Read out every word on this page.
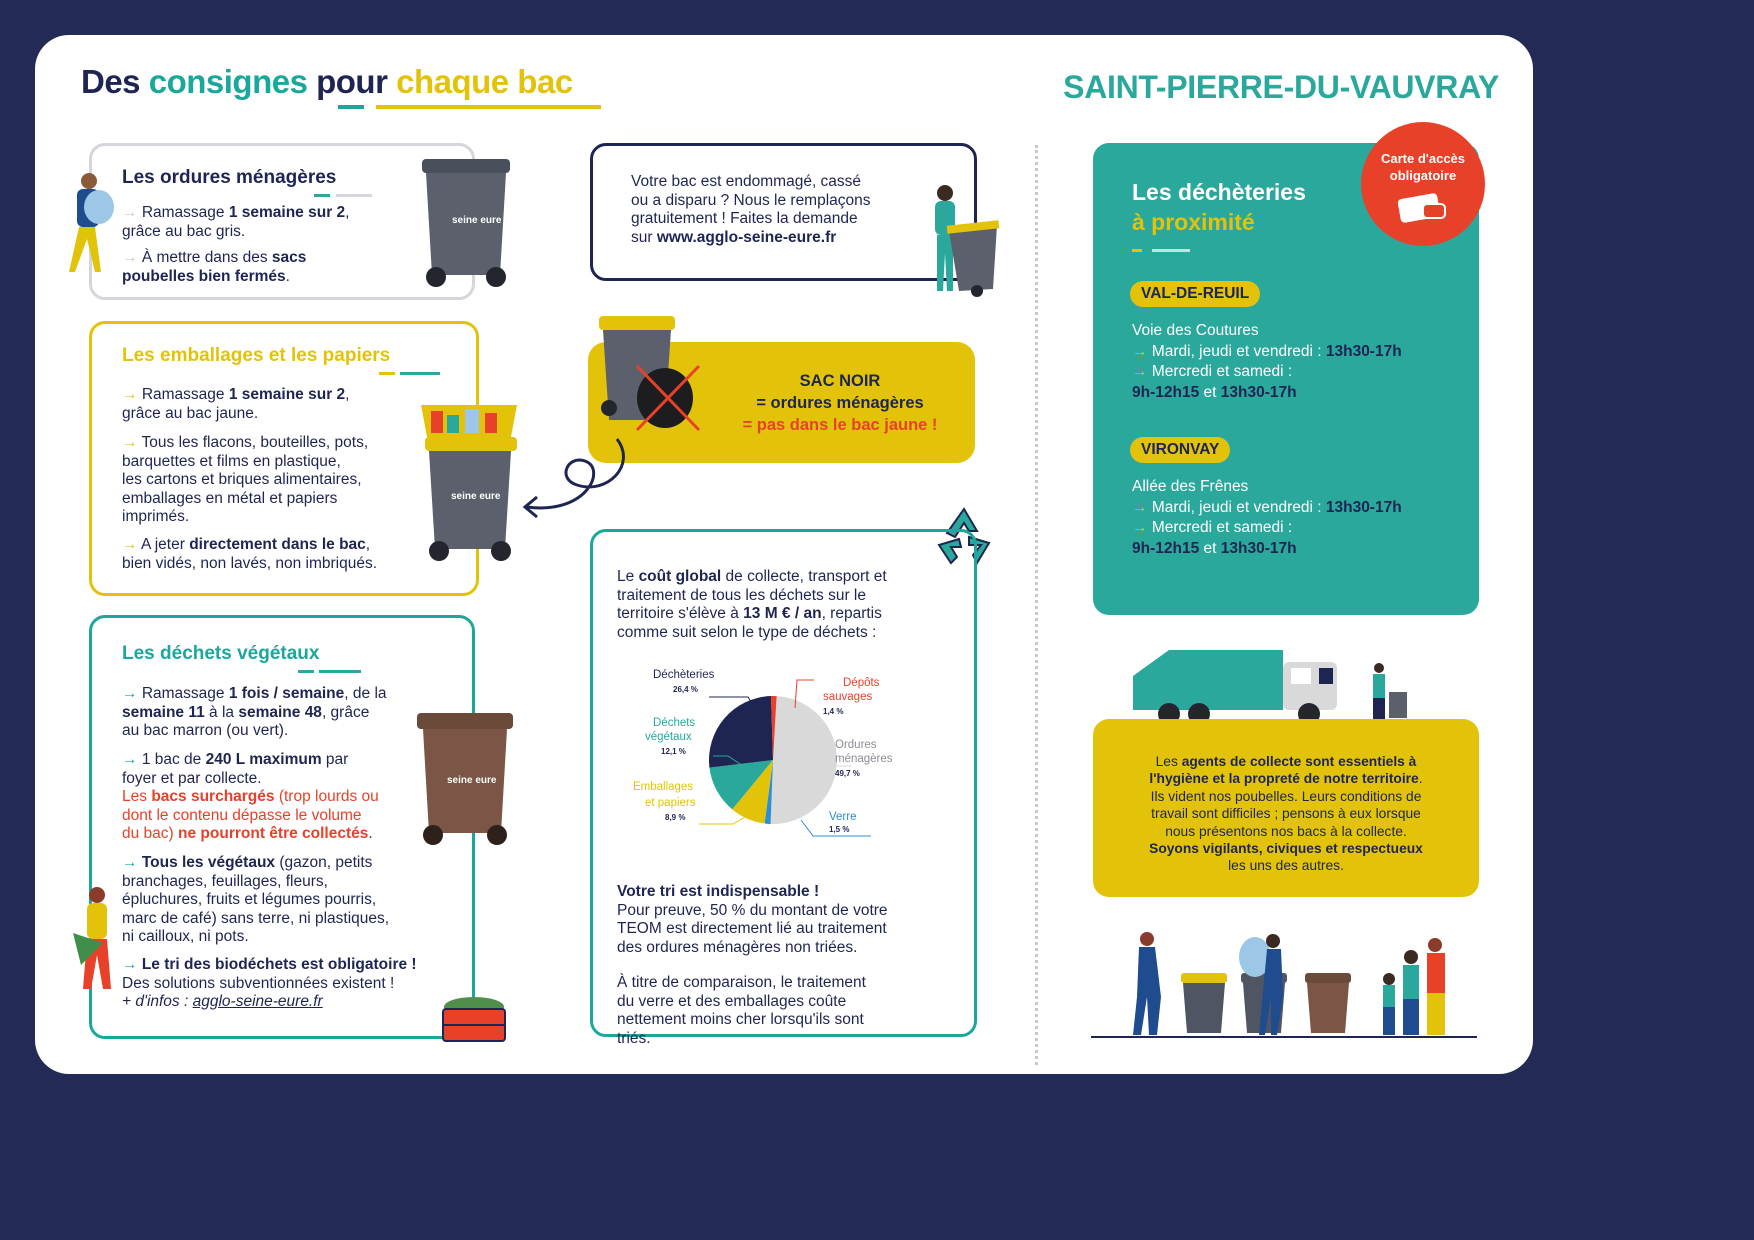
Des consignes pour chaque bac	SAINT-PIERRE-DU-VAUVRAY
Les ordures ménagères
→ Ramassage 1 semaine sur 2,
grâce au bac gris.
→ À mettre dans des sacs
poubelles bien fermés.
seine eure
Les emballages et les papiers
→ Ramassage 1 semaine sur 2,
grâce au bac jaune.
→ Tous les flacons, bouteilles, pots,
barquettes et films en plastique,
les cartons et briques alimentaires,
emballages en métal et papiers
imprimés.
→ A jeter directement dans le bac,
bien vidés, non lavés, non imbriqués.
seine eure
Les déchets végétaux
→ Ramassage 1 fois / semaine, de la
semaine 11 à la semaine 48, grâce
au bac marron (ou vert).
→ 1 bac de 240 L maximum par
foyer et par collecte.
Les bacs surchargés (trop lourds ou
dont le contenu dépasse le volume
du bac) ne pourront être collectés.
→ Tous les végétaux (gazon, petits
branchages, feuillages, fleurs,
épluchures, fruits et légumes pourris,
marc de café) sans terre, ni plastiques,
ni cailloux, ni pots.
→ Le tri des biodéchets est obligatoire !
Des solutions subventionnées existent !
+ d'infos : agglo-seine-eure.fr
seine eure
Votre bac est endommagé, cassé
ou a disparu ? Nous le remplaçons
gratuitement ! Faites la demande
sur www.agglo-seine-eure.fr
SAC NOIR
= ordures ménagères
= pas dans le bac jaune !
Le coût global de collecte, transport et
traitement de tous les déchets sur le
territoire s'élève à 13 M € / an, repartis
comme suit selon le type de déchets :
Déchèteries
26,4 %
Déchets
végétaux
12,1 %
Emballages
et papiers
8,9 %
Dépôts
sauvages
1,4 %
Ordures
ménagères
49,7 %
Verre
1,5 %
Votre tri est indispensable !
Pour preuve, 50 % du montant de votre
TEOM est directement lié au traitement
des ordures ménagères non triées.
À titre de comparaison, le traitement
du verre et des emballages coûte
nettement moins cher lorsqu'ils sont
triés.
Les déchèteries
à proximité
VAL-DE-REUIL
Voie des Coutures
→ Mardi, jeudi et vendredi : 13h30-17h
→ Mercredi et samedi :
9h-12h15 et 13h30-17h
VIRONVAY
Allée des Frênes
→ Mardi, jeudi et vendredi : 13h30-17h
→ Mercredi et samedi :
9h-12h15 et 13h30-17h
Carte d'accès
obligatoire
Les agents de collecte sont essentiels à
l'hygiène et la propreté de notre territoire.
Ils vident nos poubelles. Leurs conditions de
travail sont difficiles ; pensons à eux lorsque
nous présentons nos bacs à la collecte.
Soyons vigilants, civiques et respectueux
les uns des autres.
